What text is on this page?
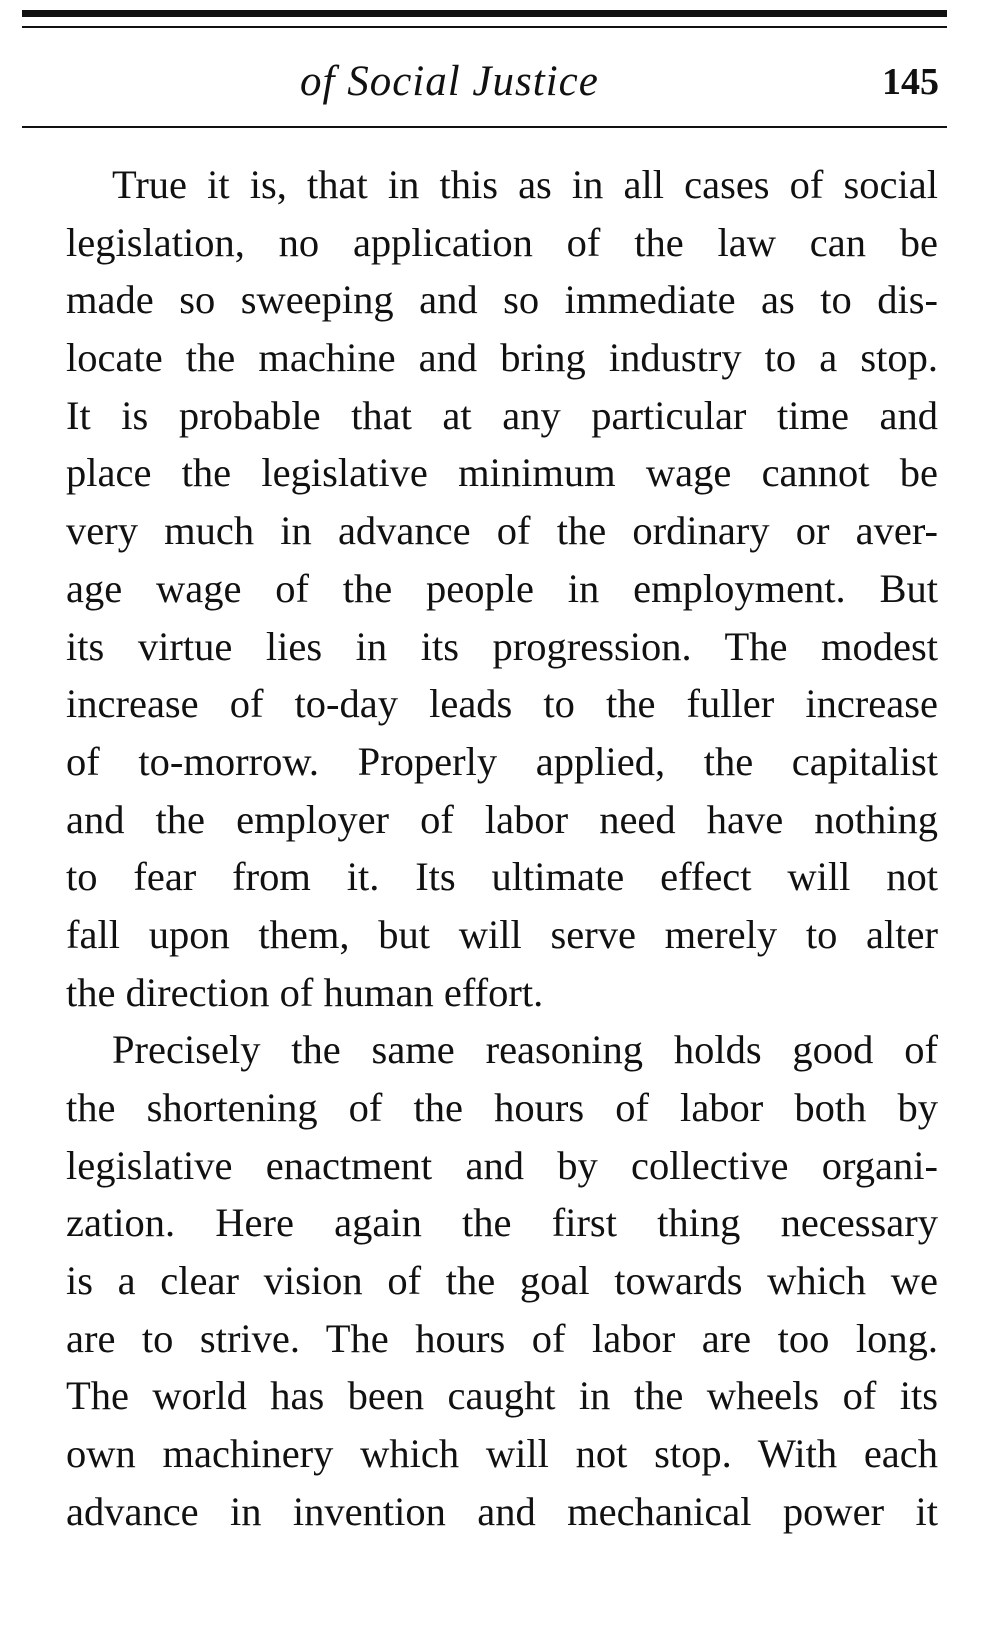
of Social Justice	145
True it is, that in this as in all cases of social
legislation, no application of the law can be
made so sweeping and so immediate as to dis-
locate the machine and bring industry to a stop.
It is probable that at any particular time and
place the legislative minimum wage cannot be
very much in advance of the ordinary or aver-
age wage of the people in employment. But
its virtue lies in its progression. The modest
increase of to-day leads to the fuller increase
of to-morrow. Properly applied, the capitalist
and the employer of labor need have nothing
to fear from it. Its ultimate effect will not
fall upon them, but will serve merely to alter
the direction of human effort.
Precisely the same reasoning holds good of
the shortening of the hours of labor both by
legislative enactment and by collective organi-
zation. Here again the first thing necessary
is a clear vision of the goal towards which we
are to strive. The hours of labor are too long.
The world has been caught in the wheels of its
own machinery which will not stop. With each
advance in invention and mechanical power it
